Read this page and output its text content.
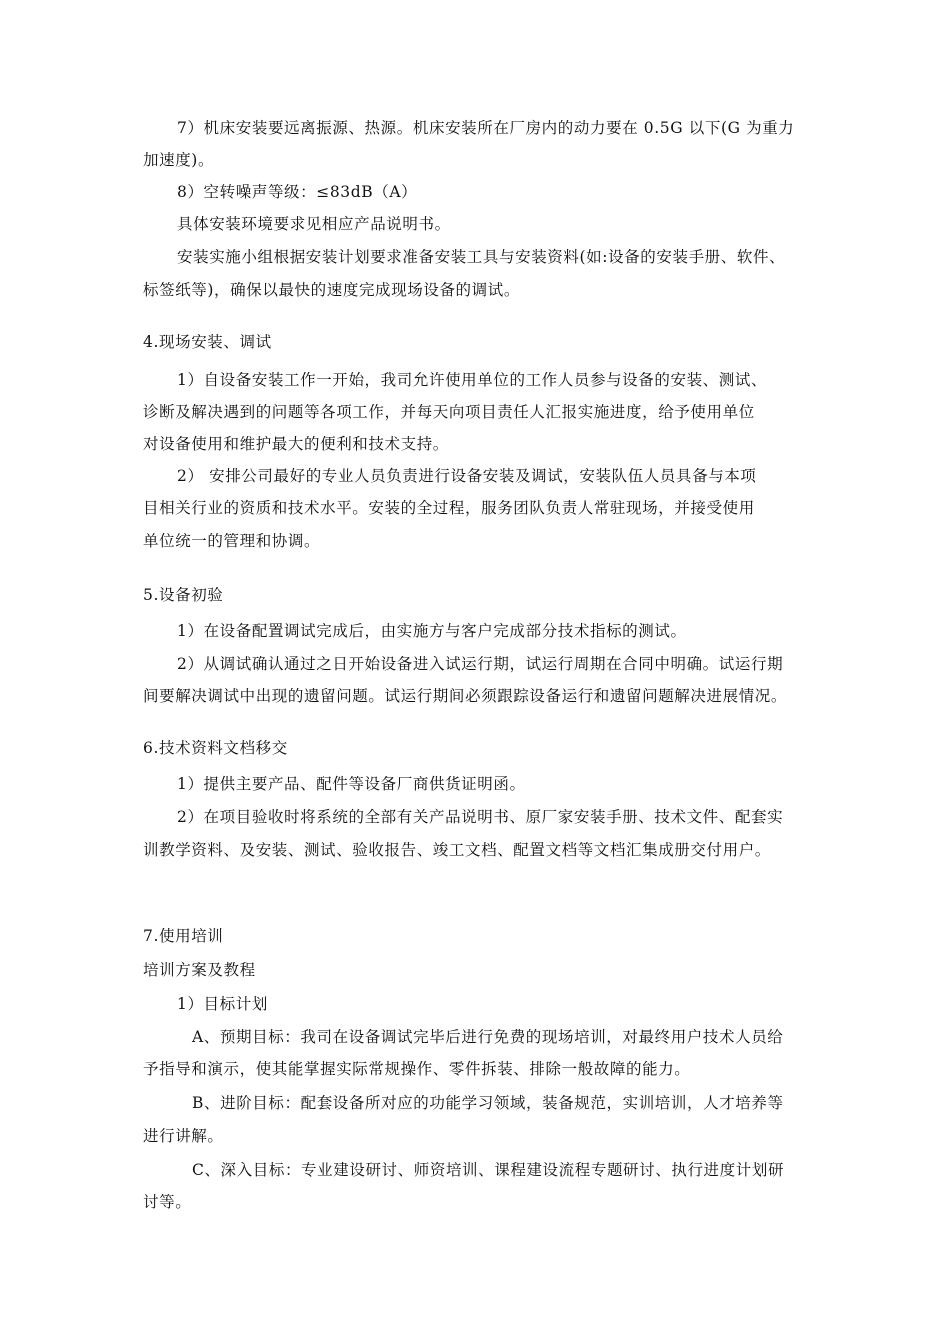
7）机床安装要远离振源、热源。机床安装所在厂房内的动力要在 0.5G 以下(G 为重力
加速度)。
8）空转噪声等级：≤83dB（A）
具体安装环境要求见相应产品说明书。
安装实施小组根据安装计划要求准备安装工具与安装资料(如:设备的安装手册、软件、
标签纸等)，确保以最快的速度完成现场设备的调试。
4.现场安装、调试
1）自设备安装工作一开始，我司允许使用单位的工作人员参与设备的安装、测试、
诊断及解决遇到的问题等各项工作，并每天向项目责任人汇报实施进度，给予使用单位
对设备使用和维护最大的便利和技术支持。
2） 安排公司最好的专业人员负责进行设备安装及调试，安装队伍人员具备与本项
目相关行业的资质和技术水平。安装的全过程，服务团队负责人常驻现场，并接受使用
单位统一的管理和协调。
5.设备初验
1）在设备配置调试完成后，由实施方与客户完成部分技术指标的测试。
2）从调试确认通过之日开始设备进入试运行期，试运行周期在合同中明确。试运行期
间要解决调试中出现的遗留问题。试运行期间必须跟踪设备运行和遗留问题解决进展情况。
6.技术资料文档移交
1）提供主要产品、配件等设备厂商供货证明函。
2）在项目验收时将系统的全部有关产品说明书、原厂家安装手册、技术文件、配套实
训教学资料、及安装、测试、验收报告、竣工文档、配置文档等文档汇集成册交付用户。
7.使用培训
培训方案及教程
1）目标计划
A、预期目标：我司在设备调试完毕后进行免费的现场培训，对最终用户技术人员给
予指导和演示，使其能掌握实际常规操作、零件拆装、排除一般故障的能力。
B、进阶目标：配套设备所对应的功能学习领域，装备规范，实训培训，人才培养等
进行讲解。
C、深入目标：专业建设研讨、师资培训、课程建设流程专题研讨、执行进度计划研
讨等。
